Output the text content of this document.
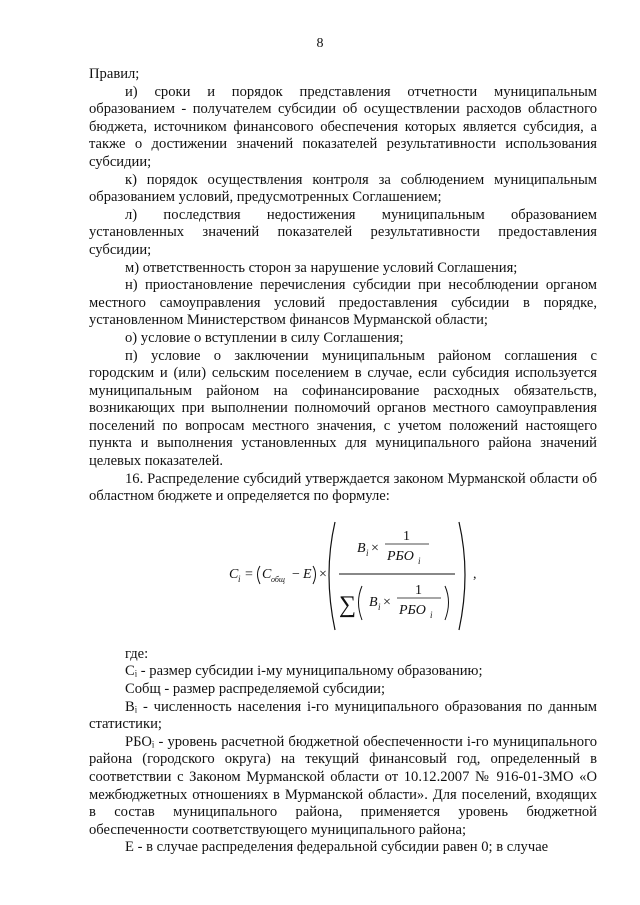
8

Правил;

и) сроки и порядок представления отчетности муниципальным образованием - получателем субсидии об осуществлении расходов областного бюджета, источником финансового обеспечения которых является субсидия, а также о достижении значений показателей результативности использования субсидии;

к) порядок осуществления контроля за соблюдением муниципальным образованием условий, предусмотренных Соглашением;

л) последствия недостижения муниципальным образованием установленных значений показателей результативности предоставления субсидии;

м) ответственность сторон за нарушение условий Соглашения;

н) приостановление перечисления субсидии при несоблюдении органом местного самоуправления условий предоставления субсидии в порядке, установленном Министерством финансов Мурманской области;

о) условие о вступлении в силу Соглашения;

п) условие о заключении муниципальным районом соглашения с городским и (или) сельским поселением в случае, если субсидия используется муниципальным районом на софинансирование расходных обязательств, возникающих при выполнении полномочий органов местного самоуправления поселений по вопросам местного значения, с учетом положений настоящего пункта и выполнения установленных для муниципального района значений целевых показателей.

16. Распределение субсидий утверждается законом Мурманской области об областном бюджете и определяется по формуле:

C i = C общ − E ×
B i ×
1
РБО i
∑ B i ×
1
РБО i
,

где:

Cᵢ - размер субсидии i-му муниципальному образованию;

Cобщ - размер распределяемой субсидии;

Bᵢ - численность населения i-го муниципального образования по данным статистики;

РБОᵢ - уровень расчетной бюджетной обеспеченности i-го муниципального района (городского округа) на текущий финансовый год, определенный в соответствии с Законом Мурманской области от 10.12.2007 № 916-01-ЗМО «О межбюджетных отношениях в Мурманской области». Для поселений, входящих в состав муниципального района, применяется уровень бюджетной обеспеченности соответствующего муниципального района;

E - в случае распределения федеральной субсидии равен 0; в случае
